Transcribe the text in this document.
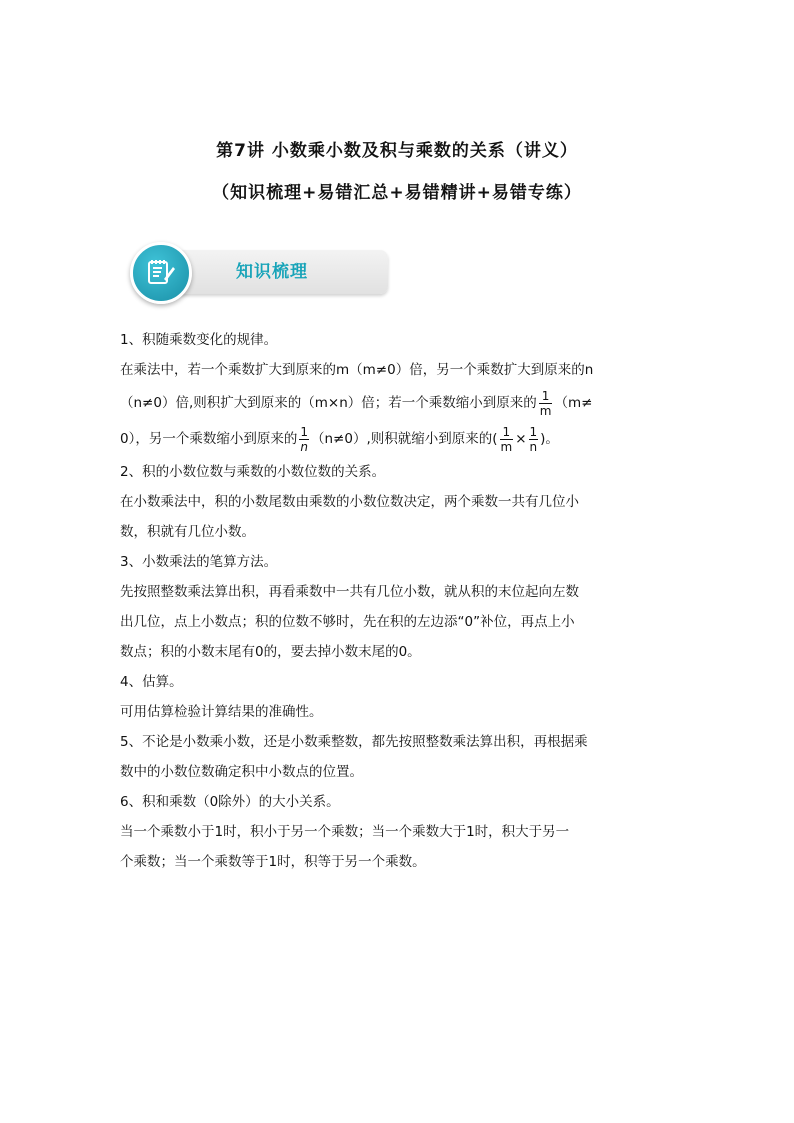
第7讲 小数乘小数及积与乘数的关系（讲义）
（知识梳理+易错汇总+易错精讲+易错专练）
知识梳理
1、积随乘数变化的规律。
在乘法中，若一个乘数扩大到原来的m（m≠0）倍，另一个乘数扩大到原来的n
（n≠0）倍,则积扩大到原来的（m×n）倍；若一个乘数缩小到原来的 $\frac{1}{m} (m\ne$
0），另一个乘数缩小到原来的 $\frac{1}{n} (n\ne 0)$,则积就缩小到原来的( $\frac{1}{m} \times \frac{1}{n}$ )。
2、积的小数位数与乘数的小数位数的关系。
在小数乘法中，积的小数尾数由乘数的小数位数决定，两个乘数一共有几位小
数，积就有几位小数。
3、小数乘法的笔算方法。
先按照整数乘法算出积，再看乘数中一共有几位小数，就从积的末位起向左数
出几位，点上小数点；积的位数不够时，先在积的左边添“0”补位，再点上小
数点；积的小数末尾有0的，要去掉小数末尾的0。
4、估算。
可用估算检验计算结果的准确性。
5、不论是小数乘小数，还是小数乘整数，都先按照整数乘法算出积，再根据乘
数中的小数位数确定积中小数点的位置。
6、积和乘数（0除外）的大小关系。
当一个乘数小于1时，积小于另一个乘数；当一个乘数大于1时，积大于另一
个乘数；当一个乘数等于1时，积等于另一个乘数。
